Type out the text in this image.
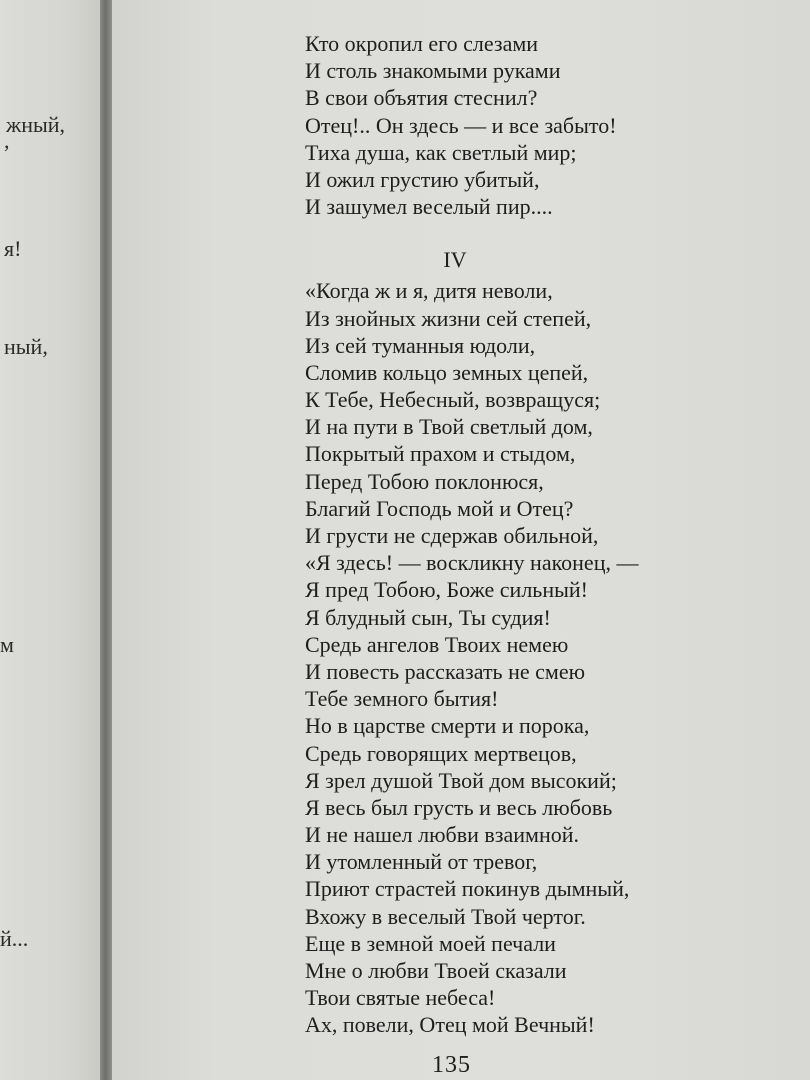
жный,
,
я!
ный,
м
й...
Кто окропил его слезами
И столь знакомыми руками
В свои объятия стеснил?
Отец!.. Он здесь — и все забыто!
Тиха душа, как светлый мир;
И ожил грустию убитый,
И зашумел веселый пир....
IV
«Когда ж и я, дитя неволи,
Из знойных жизни сей степей,
Из сей туманныя юдоли,
Сломив кольцо земных цепей,
К Тебе, Небесный, возвращуся;
И на пути в Твой светлый дом,
Покрытый прахом и стыдом,
Перед Тобою поклонюся,
Благий Господь мой и Отец?
И грусти не сдержав обильной,
«Я здесь! — воскликну наконец, —
Я пред Тобою, Боже сильный!
Я блудный сын, Ты судия!
Средь ангелов Твоих немею
И повесть рассказать не смею
Тебе земного бытия!
Но в царстве смерти и порока,
Средь говорящих мертвецов,
Я зрел душой Твой дом высокий;
Я весь был грусть и весь любовь
И не нашел любви взаимной.
И утомленный от тревог,
Приют страстей покинув дымный,
Вхожу в веселый Твой чертог.
Еще в земной моей печали
Мне о любви Твоей сказали
Твои святые небеса!
Ах, повели, Отец мой Вечный!
135
